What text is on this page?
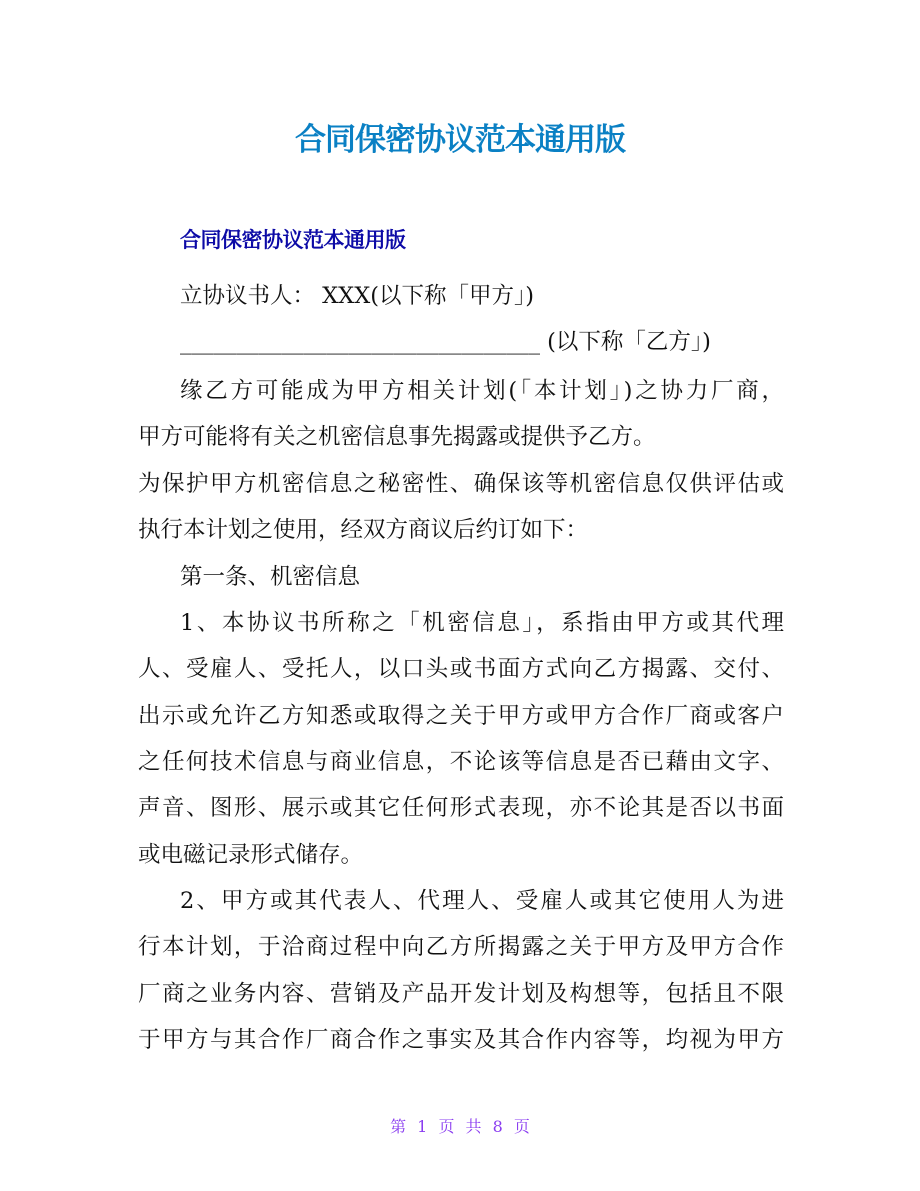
合同保密协议范本通用版
合同保密协议范本通用版
立协议书人： XXX(以下称「甲方」)
________________________________ (以下称「乙方」)
缘乙方可能成为甲方相关计划(「本计划」)之协力厂商，
甲方可能将有关之机密信息事先揭露或提供予乙方。
为保护甲方机密信息之秘密性、确保该等机密信息仅供评估或
执行本计划之使用，经双方商议后约订如下：
第一条、机密信息
1、本协议书所称之「机密信息」，系指由甲方或其代理
人、受雇人、受托人，以口头或书面方式向乙方揭露、交付、
出示或允许乙方知悉或取得之关于甲方或甲方合作厂商或客户
之任何技术信息与商业信息，不论该等信息是否已藉由文字、
声音、图形、展示或其它任何形式表现，亦不论其是否以书面
或电磁记录形式储存。
2、甲方或其代表人、代理人、受雇人或其它使用人为进
行本计划，于洽商过程中向乙方所揭露之关于甲方及甲方合作
厂商之业务内容、营销及产品开发计划及构想等，包括且不限
于甲方与其合作厂商合作之事实及其合作内容等，均视为甲方
第 1 页 共 8 页
